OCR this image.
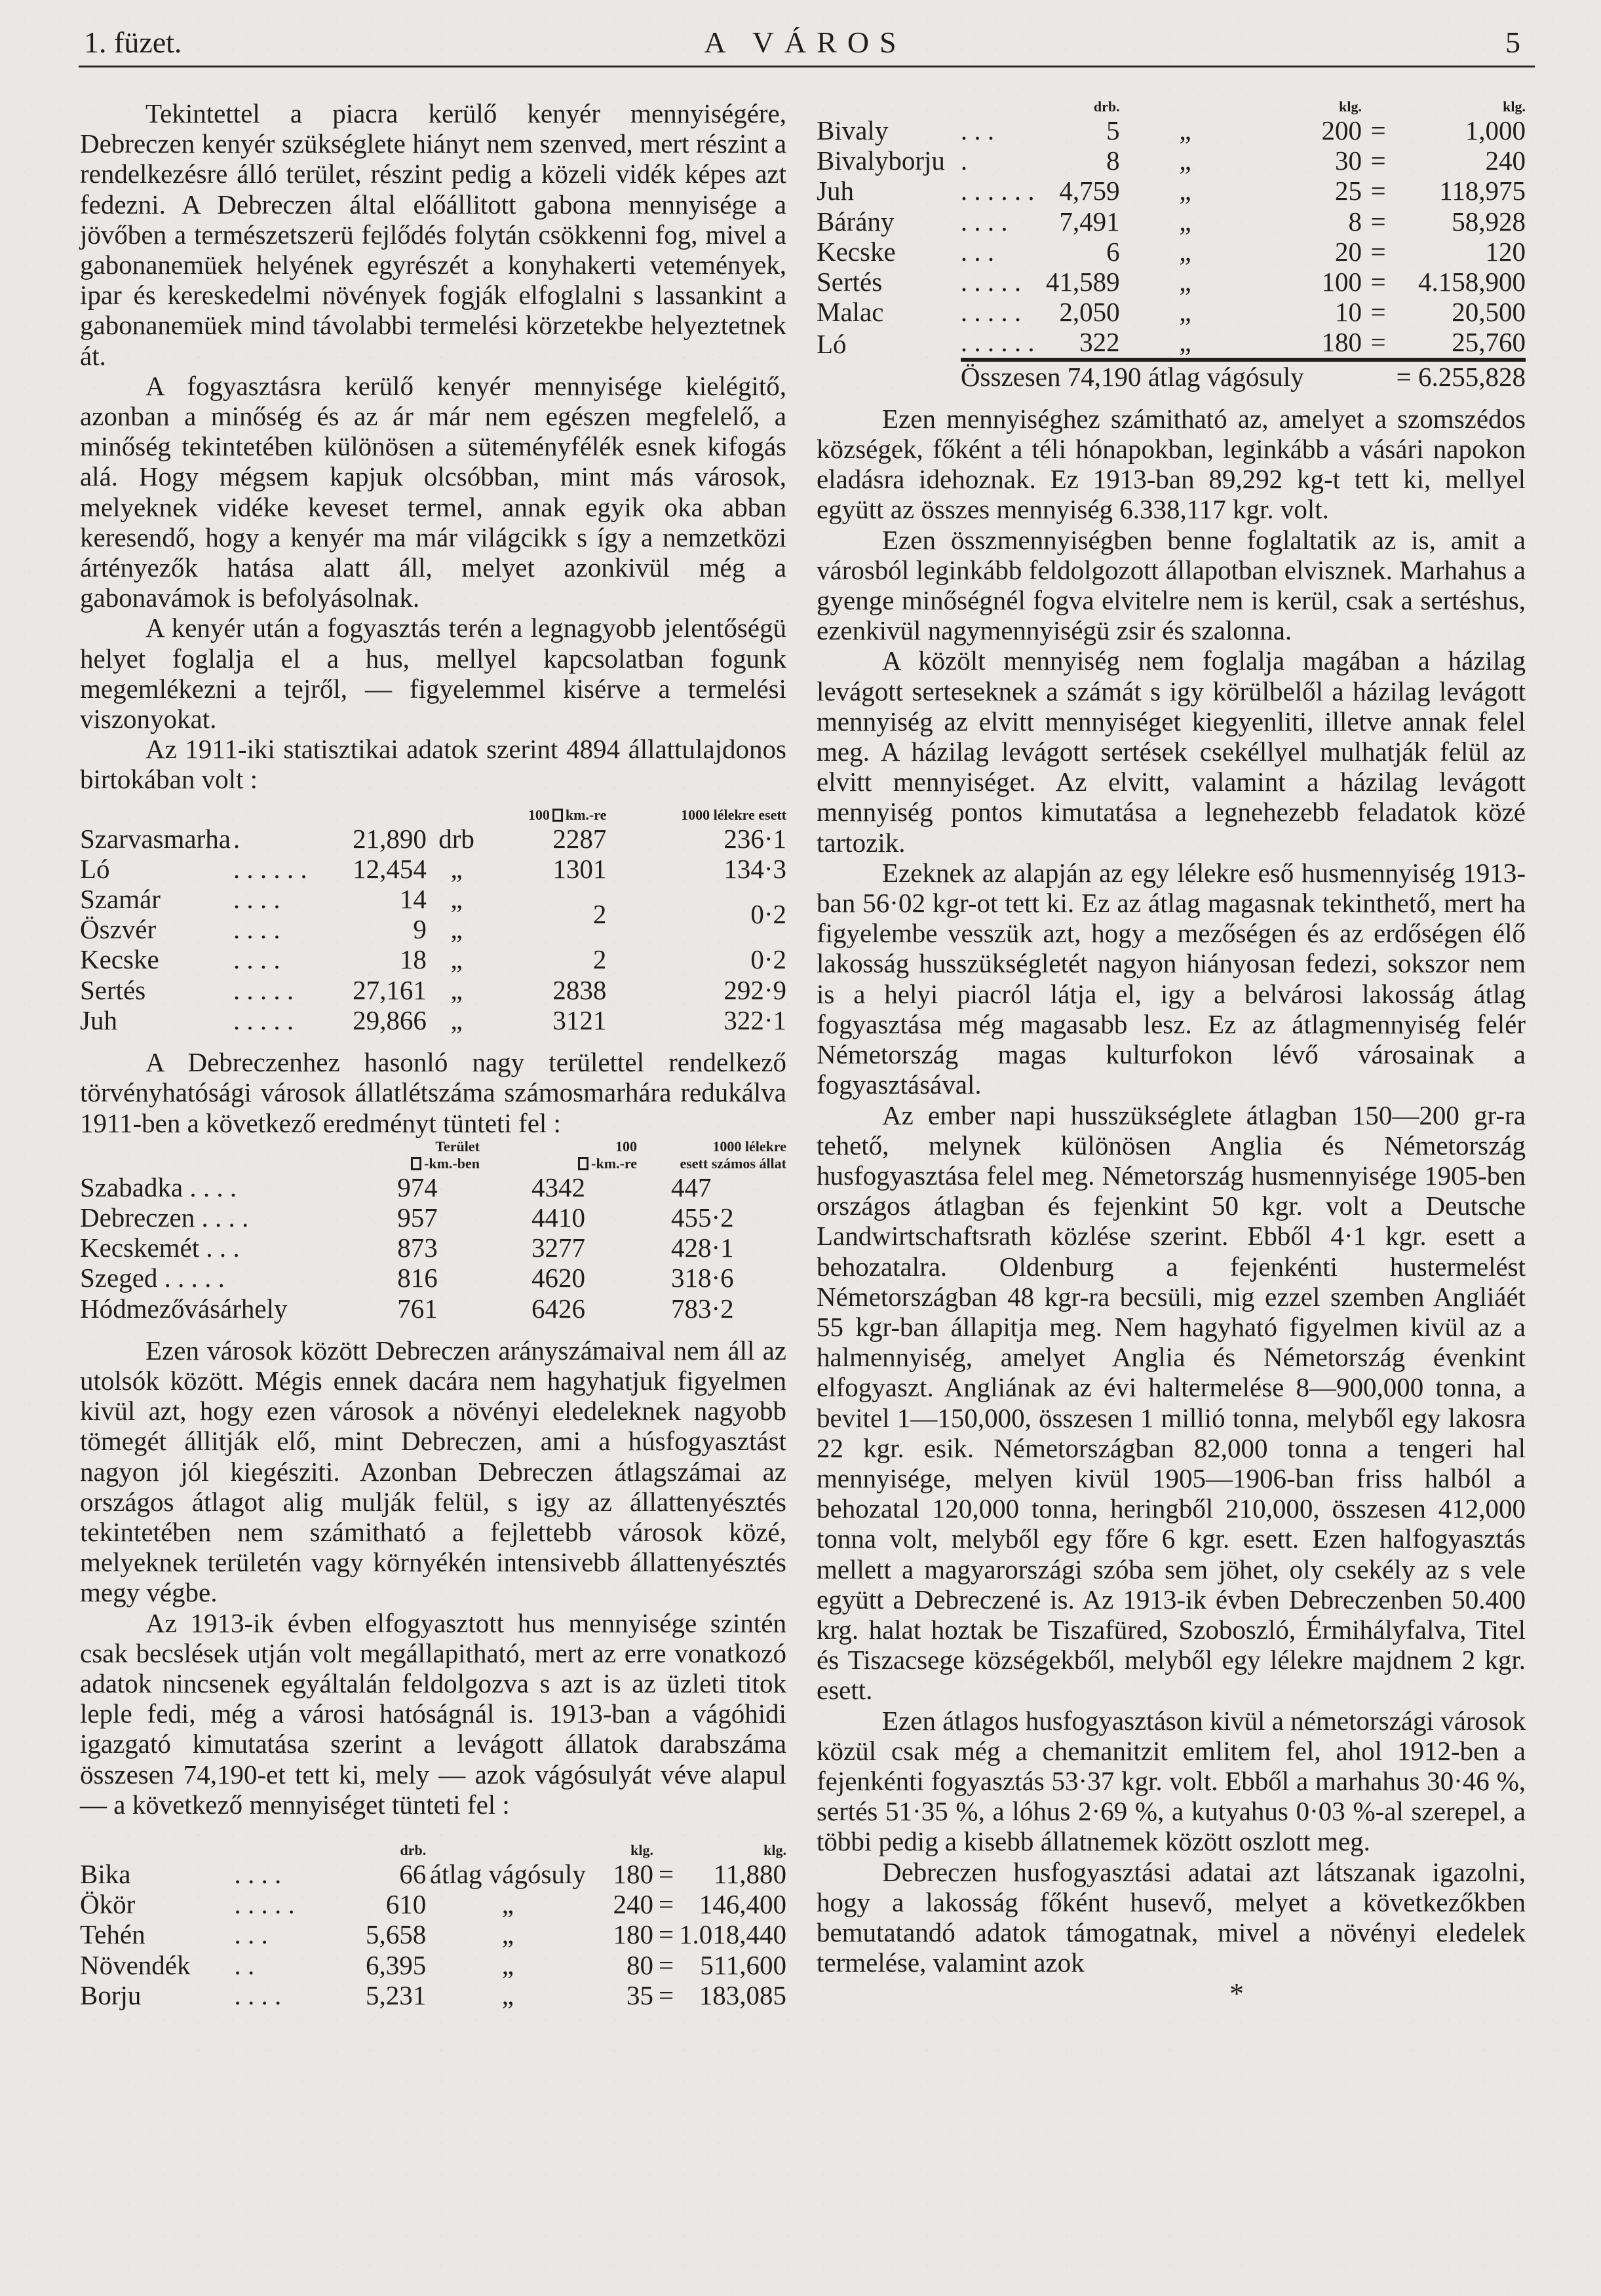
1. füzet.	A VÁROS	5

Tekintettel a piacra kerülő kenyér mennyiségére, Debreczen kenyér szükséglete hiányt nem szenved, mert részint a rendelkezésre álló terület, részint pedig a közeli vidék képes azt fedezni. A Debreczen által előállitott gabona mennyisége a jövőben a természetszerü fejlődés folytán csökkenni fog, mivel a gabonanemüek helyének egyrészét a konyhakerti vetemények, ipar és kereskedelmi növények fogják elfoglalni s lassankint a gabonanemüek mind távolabbi termelési körzetekbe helyeztetnek át.

A fogyasztásra kerülő kenyér mennyisége kielégitő, azonban a minőség és az ár már nem egészen megfelelő, a minőség tekintetében különösen a süteményfélék esnek kifogás alá. Hogy mégsem kapjuk olcsóbban, mint más városok, melyeknek vidéke keveset termel, annak egyik oka abban keresendő, hogy a kenyér ma már világcikk s így a nemzetközi ártényezők hatása alatt áll, melyet azonkivül még a gabonavámok is befolyásolnak.

A kenyér után a fogyasztás terén a legnagyobb jelentőségü helyet foglalja el a hus, mellyel kapcsolatban fogunk megemlékezni a tejről, — figyelemmel kisérve a termelési viszonyokat.

Az 1911-iki statisztikai adatok szerint 4894 állattulajdonos birtokában volt :

				100 km.-re	1000 lélekre esett
Szarvasmarha	.	21,890	drb	2287	236·1
Ló	. . . . . .	12,454	„	1301	134·3
Szamár	. . . .	14	„	2	0·2
Öszvér	. . . .	9	„		
Kecske	. . . .	18	„	2	0·2
Sertés	. . . . .	27,161	„	2838	292·9
Juh	. . . . .	29,866	„	3121	322·1

A Debreczenhez hasonló nagy területtel rendelkező törvényhatósági városok állatlétszáma számosmarhára redukálva 1911-ben a következő eredményt tünteti fel :

	Terület	100	1000 lélekre
	-km.-ben	-km.-re	esett számos állat
Szabadka . . . .	974	4342	447
Debreczen . . . .	957	4410	455·2
Kecskemét . . .	873	3277	428·1
Szeged . . . . .	816	4620	318·6
Hódmezővásárhely	761	6426	783·2

Ezen városok között Debreczen arányszámaival nem áll az utolsók között. Mégis ennek dacára nem hagyhatjuk figyelmen kivül azt, hogy ezen városok a növényi eledeleknek nagyobb tömegét állitják elő, mint Debreczen, ami a húsfogyasztást nagyon jól kiegésziti. Azonban Debreczen átlagszámai az országos átlagot alig mulják felül, s igy az állattenyésztés tekintetében nem számitható a fejlettebb városok közé, melyeknek területén vagy környékén intensivebb állattenyésztés megy végbe.

Az 1913-ik évben elfogyasztott hus mennyisége szintén csak becslések utján volt megállapitható, mert az erre vonatkozó adatok nincsenek egyáltalán feldolgozva s azt is az üzleti titok leple fedi, még a városi hatóságnál is. 1913-ban a vágóhidi igazgató kimutatása szerint a levágott állatok darabszáma összesen 74,190-et tett ki, mely — azok vágósulyát véve alapul — a következő mennyiséget tünteti fel :

		drb.		klg.		klg.
Bika	. . . .	66	átlag vágósuly	180	=	11,880
Ökör	. . . . .	610	„	240	=	146,400
Tehén	. . .	5,658	„	180	=	1.018,440
Növendék	. .	6,395	„	80	=	511,600
Borju	. . . .	5,231	„	35	=	183,085
		drb.		klg.		klg.
Bivaly	. . .	5	„	200	=	1,000
Bivalyborju	.	8	„	30	=	240
Juh	. . . . . .	4,759	„	25	=	118,975
Bárány	. . . .	7,491	„	8	=	58,928
Kecske	. . .	6	„	20	=	120
Sertés	. . . . .	41,589	„	100	=	4.158,900
Malac	. . . . .	2,050	„	10	=	20,500
Ló	. . . . . .	322	„	180	=	25,760
	Összesen 74,190 átlag vágósuly					= 6.255,828

Ezen mennyiséghez számitható az, amelyet a szomszédos községek, főként a téli hónapokban, leginkább a vásári napokon eladásra idehoznak. Ez 1913-ban 89,292 kg-t tett ki, mellyel együtt az összes mennyiség 6.338,117 kgr. volt.

Ezen összmennyiségben benne foglaltatik az is, amit a városból leginkább feldolgozott állapotban elvisznek. Marhahus a gyenge minőségnél fogva elvitelre nem is kerül, csak a sertéshus, ezenkivül nagymennyiségü zsir és szalonna.

A közölt mennyiség nem foglalja magában a házilag levágott serteseknek a számát s igy körülbelől a házilag levágott mennyiség az elvitt mennyiséget kiegyenliti, illetve annak felel meg. A házilag levágott sertések csekéllyel mulhatják felül az elvitt mennyiséget. Az elvitt, valamint a házilag levágott mennyiség pontos kimutatása a legnehezebb feladatok közé tartozik.

Ezeknek az alapján az egy lélekre eső husmennyiség 1913-ban 56·02 kgr-ot tett ki. Ez az átlag magasnak tekinthető, mert ha figyelembe vesszük azt, hogy a mezőségen és az erdőségen élő lakosság husszükségletét nagyon hiányosan fedezi, sokszor nem is a helyi piacról látja el, igy a belvárosi lakosság átlag fogyasztása még magasabb lesz. Ez az átlagmennyiség felér Németország magas kulturfokon lévő városainak a fogyasztásával.

Az ember napi husszükséglete átlagban 150—200 gr-ra tehető, melynek különösen Anglia és Németország husfogyasztása felel meg. Németország husmennyisége 1905-ben országos átlagban és fejenkint 50 kgr. volt a Deutsche Landwirtschaftsrath közlése szerint. Ebből 4·1 kgr. esett a behozatalra. Oldenburg a fejenkénti hustermelést Németországban 48 kgr-ra becsüli, mig ezzel szemben Angliáét 55 kgr-ban állapitja meg. Nem hagyható figyelmen kivül az a halmennyiség, amelyet Anglia és Németország évenkint elfogyaszt. Angliának az évi haltermelése 8—900,000 tonna, a bevitel 1—150,000, összesen 1 millió tonna, melyből egy lakosra 22 kgr. esik. Németországban 82,000 tonna a tengeri hal mennyisége, melyen kivül 1905—1906-ban friss halból a behozatal 120,000 tonna, heringből 210,000, összesen 412,000 tonna volt, melyből egy főre 6 kgr. esett. Ezen halfogyasztás mellett a magyarországi szóba sem jöhet, oly csekély az s vele együtt a Debreczené is. Az 1913-ik évben Debreczenben 50.400 krg. halat hoztak be Tiszafüred, Szoboszló, Érmihályfalva, Titel és Tiszacsege községekből, melyből egy lélekre majdnem 2 kgr. esett.

Ezen átlagos husfogyasztáson kivül a németországi városok közül csak még a chemanitzit emlitem fel, ahol 1912-ben a fejenkénti fogyasztás 53·37 kgr. volt. Ebből a marhahus 30·46 %, sertés 51·35 %, a lóhus 2·69 %, a kutyahus 0·03 %-al szerepel, a többi pedig a kisebb állatnemek között oszlott meg.

Debreczen husfogyasztási adatai azt látszanak igazolni, hogy a lakosság főként husevő, melyet a következőkben bemutatandó adatok támogatnak, mivel a növényi eledelek termelése, valamint azok

*
